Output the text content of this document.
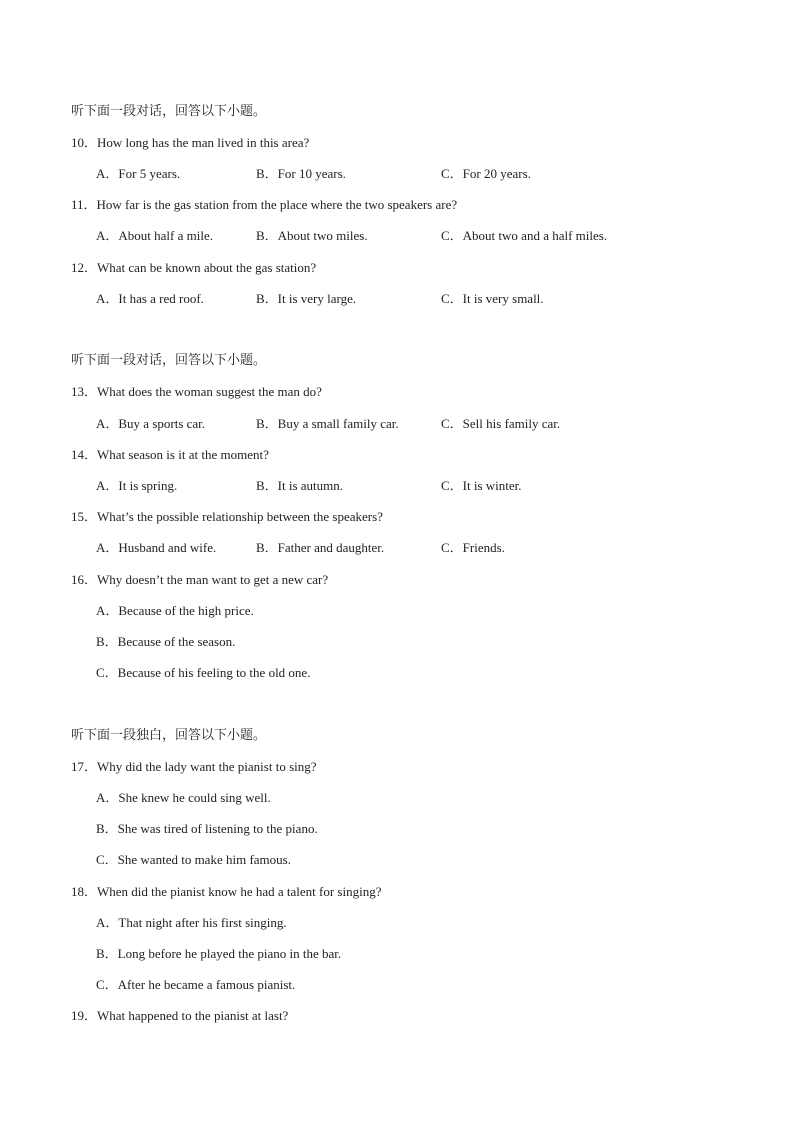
听下面一段对话，回答以下小题。
10．How long has the man lived in this area?
A．For 5 years.	B．For 10 years.	C．For 20 years.
11．How far is the gas station from the place where the two speakers are?
A．About half a mile.	B．About two miles.	C．About two and a half miles.
12．What can be known about the gas station?
A．It has a red roof.	B．It is very large.	C．It is very small.
听下面一段对话，回答以下小题。
13．What does the woman suggest the man do?
A．Buy a sports car.	B．Buy a small family car.	C．Sell his family car.
14．What season is it at the moment?
A．It is spring.	B．It is autumn.	C．It is winter.
15．What’s the possible relationship between the speakers?
A．Husband and wife.	B．Father and daughter.	C．Friends.
16．Why doesn’t the man want to get a new car?
A．Because of the high price.
B．Because of the season.
C．Because of his feeling to the old one.
听下面一段独白，回答以下小题。
17．Why did the lady want the pianist to sing?
A．She knew he could sing well.
B．She was tired of listening to the piano.
C．She wanted to make him famous.
18．When did the pianist know he had a talent for singing?
A．That night after his first singing.
B．Long before he played the piano in the bar.
C．After he became a famous pianist.
19．What happened to the pianist at last?
